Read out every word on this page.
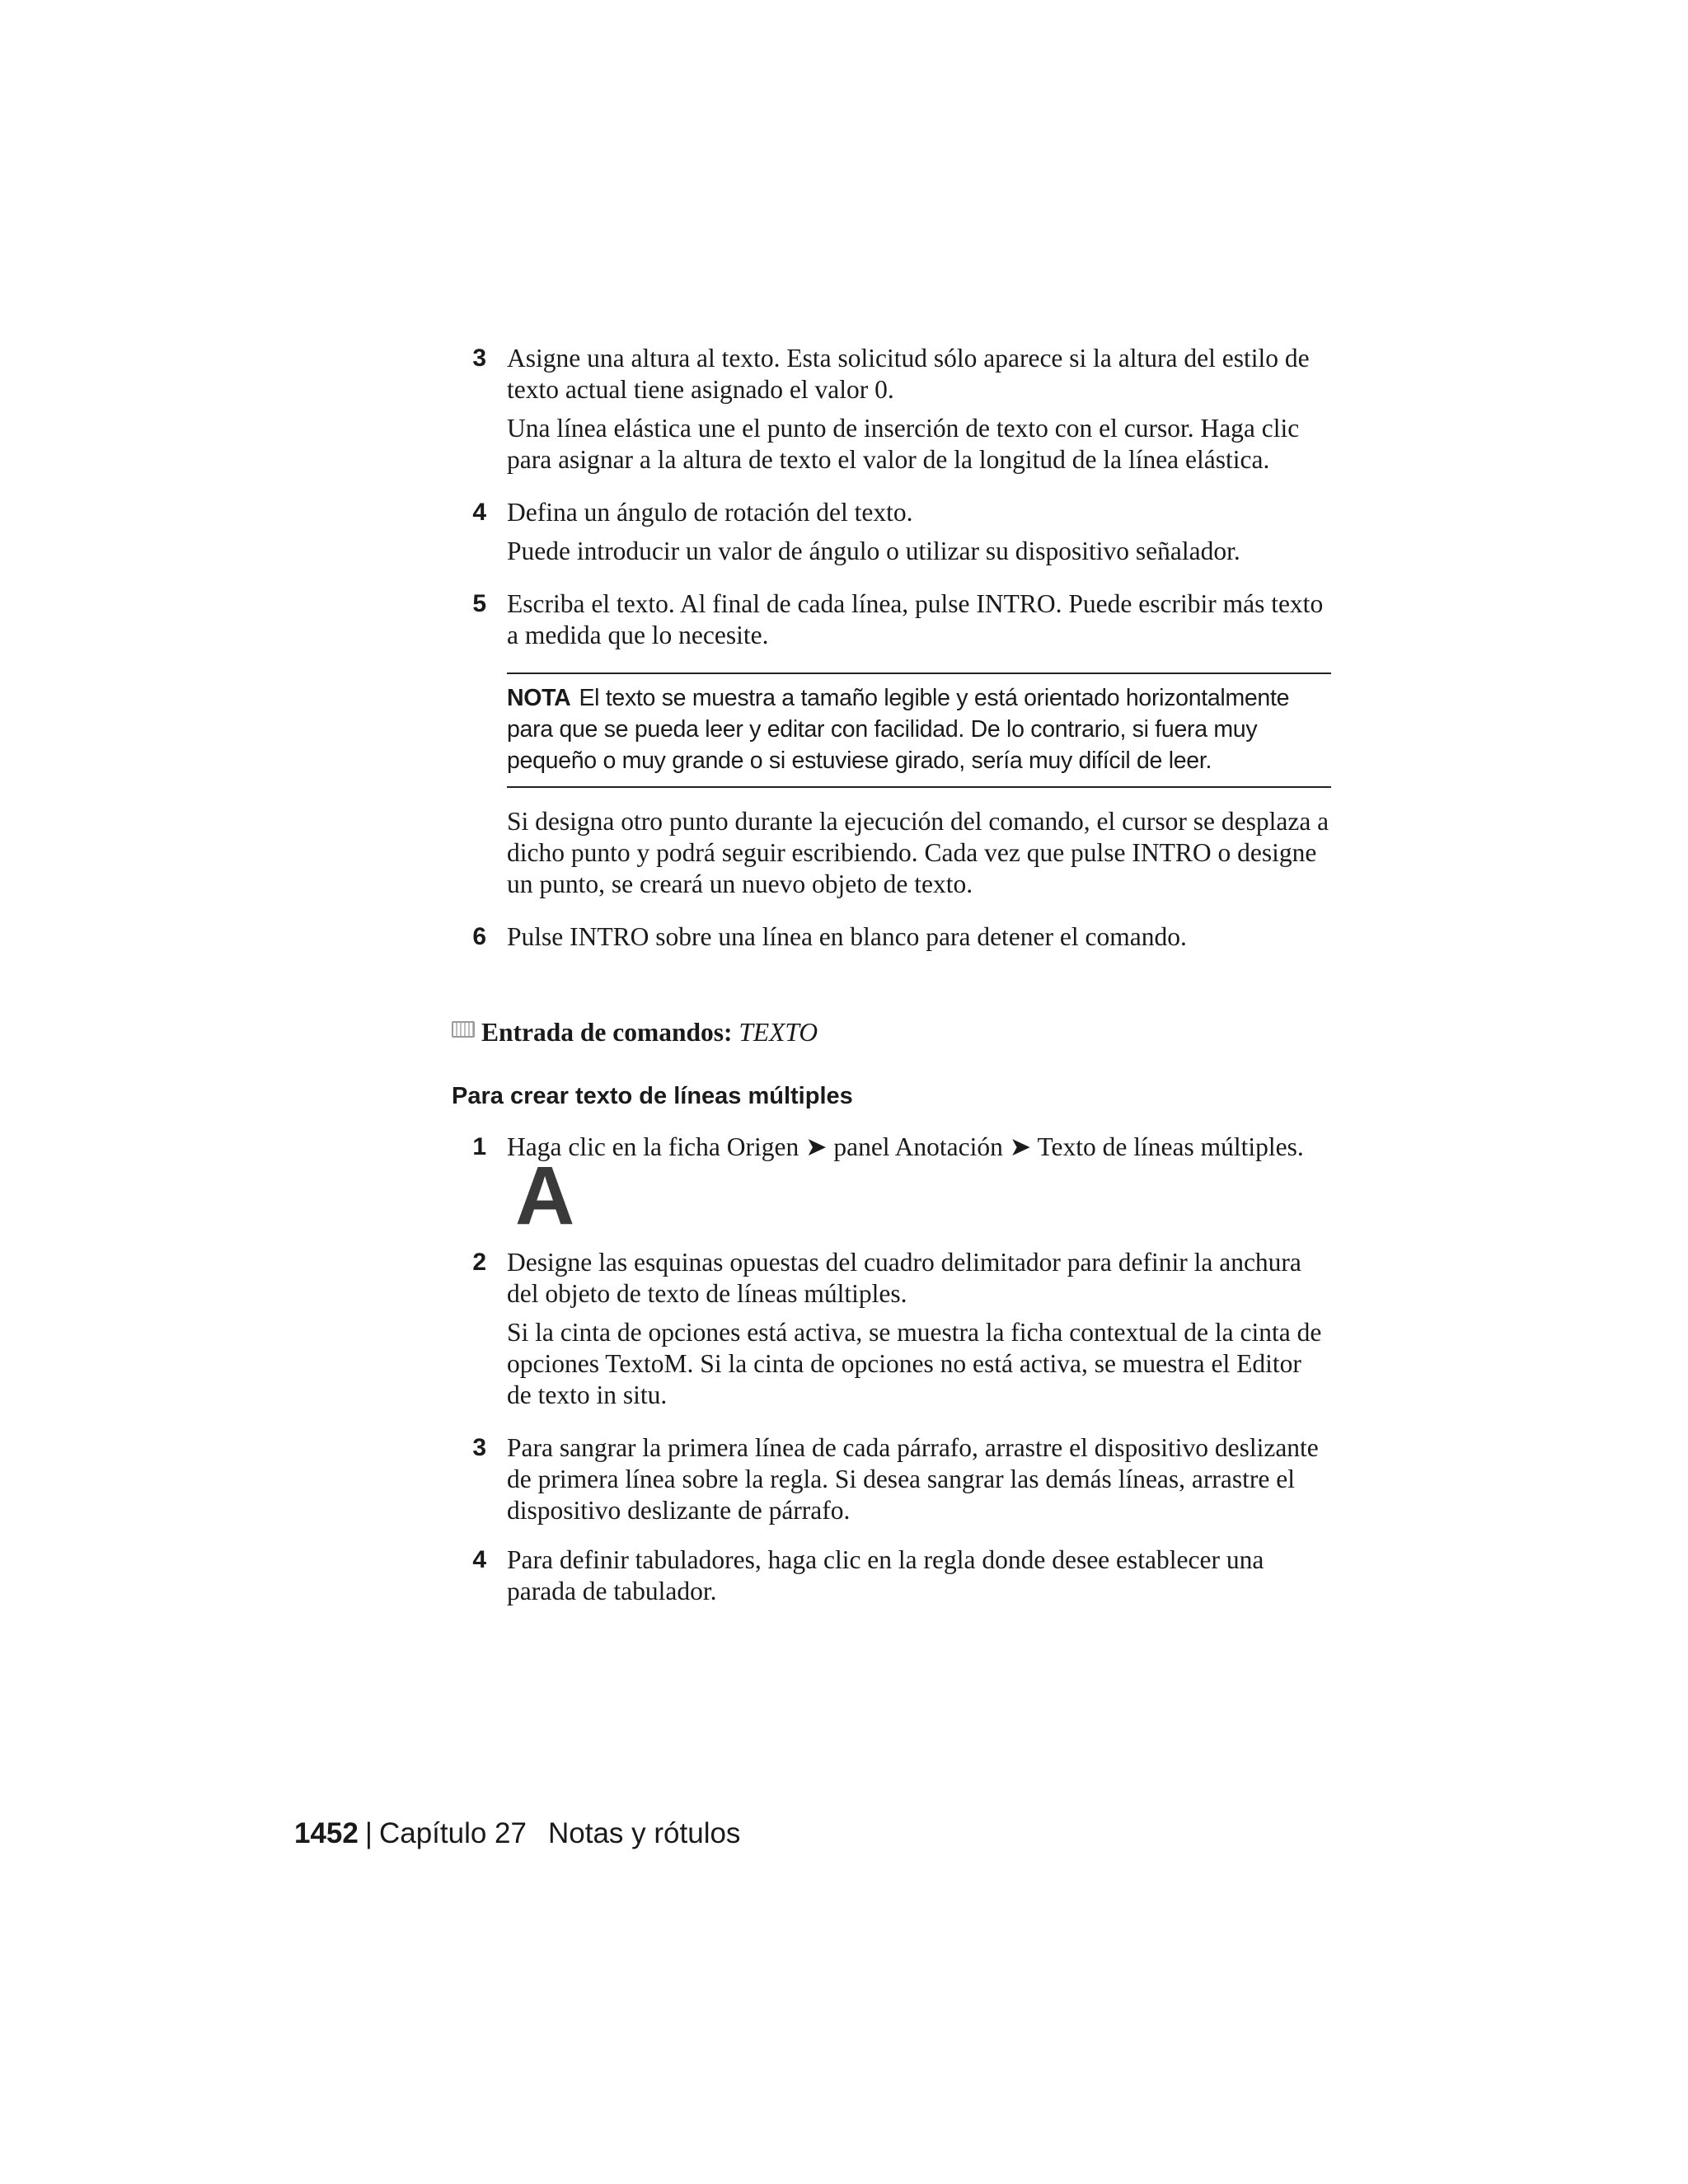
3 Asigne una altura al texto. Esta solicitud sólo aparece si la altura del estilo de texto actual tiene asignado el valor 0.

Una línea elástica une el punto de inserción de texto con el cursor. Haga clic para asignar a la altura de texto el valor de la longitud de la línea elástica.

4 Defina un ángulo de rotación del texto.

Puede introducir un valor de ángulo o utilizar su dispositivo señalador.

5 Escriba el texto. Al final de cada línea, pulse INTRO. Puede escribir más texto a medida que lo necesite.

NOTA El texto se muestra a tamaño legible y está orientado horizontalmente para que se pueda leer y editar con facilidad. De lo contrario, si fuera muy pequeño o muy grande o si estuviese girado, sería muy difícil de leer.

Si designa otro punto durante la ejecución del comando, el cursor se desplaza a dicho punto y podrá seguir escribiendo. Cada vez que pulse INTRO o designe un punto, se creará un nuevo objeto de texto.

6 Pulse INTRO sobre una línea en blanco para detener el comando.

Entrada de comandos: TEXTO
Para crear texto de líneas múltiples
1 Haga clic en la ficha Origen ➤ panel Anotación ➤ Texto de líneas múltiples.A

2 Designe las esquinas opuestas del cuadro delimitador para definir la anchura del objeto de texto de líneas múltiples.

Si la cinta de opciones está activa, se muestra la ficha contextual de la cinta de opciones TextoM. Si la cinta de opciones no está activa, se muestra el Editor de texto in situ.

3 Para sangrar la primera línea de cada párrafo, arrastre el dispositivo deslizante de primera línea sobre la regla. Si desea sangrar las demás líneas, arrastre el dispositivo deslizante de párrafo.

4 Para definir tabuladores, haga clic en la regla donde desee establecer una parada de tabulador.

1452 | Capítulo 27 Notas y rótulos
